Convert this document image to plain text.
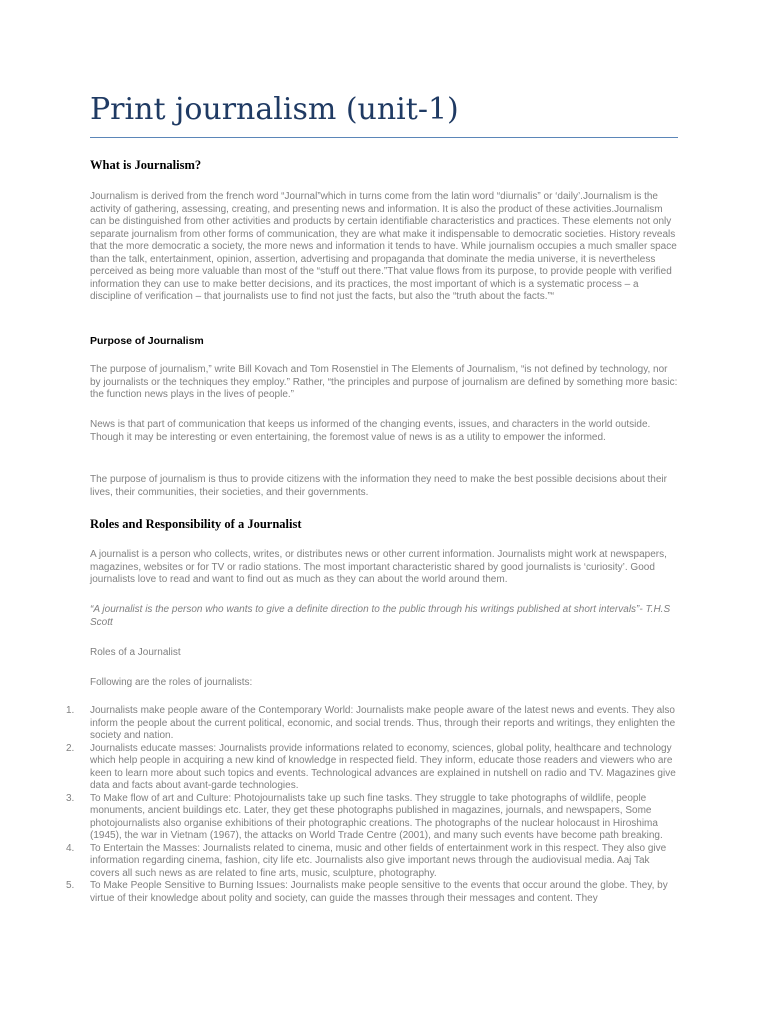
Print journalism (unit-1)
What is Journalism?

Journalism is derived from the french word “Journal”which in turns come from the latin word “diurnalis” or ‘daily’.Journalism is the activity of gathering, assessing, creating, and presenting news and information. It is also the product of these activities.Journalism can be distinguished from other activities and products by certain identifiable characteristics and practices. These elements not only separate journalism from other forms of communication, they are what make it indispensable to democratic societies. History reveals that the more democratic a society, the more news and information it tends to have. While journalism occupies a much smaller space than the talk, entertainment, opinion, assertion, advertising and propaganda that dominate the media universe, it is nevertheless perceived as being more valuable than most of the “stuff out there.”That value flows from its purpose, to provide people with verified information they can use to make better decisions, and its practices, the most important of which is a systematic process – a discipline of verification – that journalists use to find not just the facts, but also the “truth about the facts.”“

Purpose of Journalism

The purpose of journalism,” write Bill Kovach and Tom Rosenstiel in The Elements of Journalism, “is not defined by technology, nor by journalists or the techniques they employ.” Rather, “the principles and purpose of journalism are defined by something more basic: the function news plays in the lives of people.”

News is that part of communication that keeps us informed of the changing events, issues, and characters in the world outside. Though it may be interesting or even entertaining, the foremost value of news is as a utility to empower the informed.

The purpose of journalism is thus to provide citizens with the information they need to make the best possible decisions about their lives, their communities, their societies, and their governments.

Roles and Responsibility of a Journalist

A journalist is a person who collects, writes, or distributes news or other current information. Journalists might work at newspapers, magazines, websites or for TV or radio stations. The most important characteristic shared by good journalists is ‘curiosity’. Good journalists love to read and want to find out as much as they can about the world around them.

“A journalist is the person who wants to give a definite direction to the public through his writings published at short intervals”- T.H.S Scott

Roles of a Journalist

Following are the roles of journalists:

1. Journalists make people aware of the Contemporary World: Journalists make people aware of the latest news and events. They also inform the people about the current political, economic, and social trends. Thus, through their reports and writings, they enlighten the society and nation.
2. Journalists educate masses: Journalists provide informations related to economy, sciences, global polity, healthcare and technology which help people in acquiring a new kind of knowledge in respected field. They inform, educate those readers and viewers who are keen to learn more about such topics and events. Technological advances are explained in nutshell on radio and TV. Magazines give data and facts about avant-garde technologies.
3. To Make flow of art and Culture: Photojournalists take up such fine tasks. They struggle to take photographs of wildlife, people monuments, ancient buildings etc. Later, they get these photographs published in magazines, journals, and newspapers, Some photojournalists also organise exhibitions of their photographic creations. The photographs of the nuclear holocaust in Hiroshima (1945), the war in Vietnam (1967), the attacks on World Trade Centre (2001), and many such events have become path breaking.
4. To Entertain the Masses: Journalists related to cinema, music and other fields of entertainment work in this respect. They also give information regarding cinema, fashion, city life etc. Journalists also give important news through the audiovisual media. Aaj Tak covers all such news as are related to fine arts, music, sculpture, photography.
5. To Make People Sensitive to Burning Issues: Journalists make people sensitive to the events that occur around the globe. They, by virtue of their knowledge about polity and society, can guide the masses through their messages and content. They
